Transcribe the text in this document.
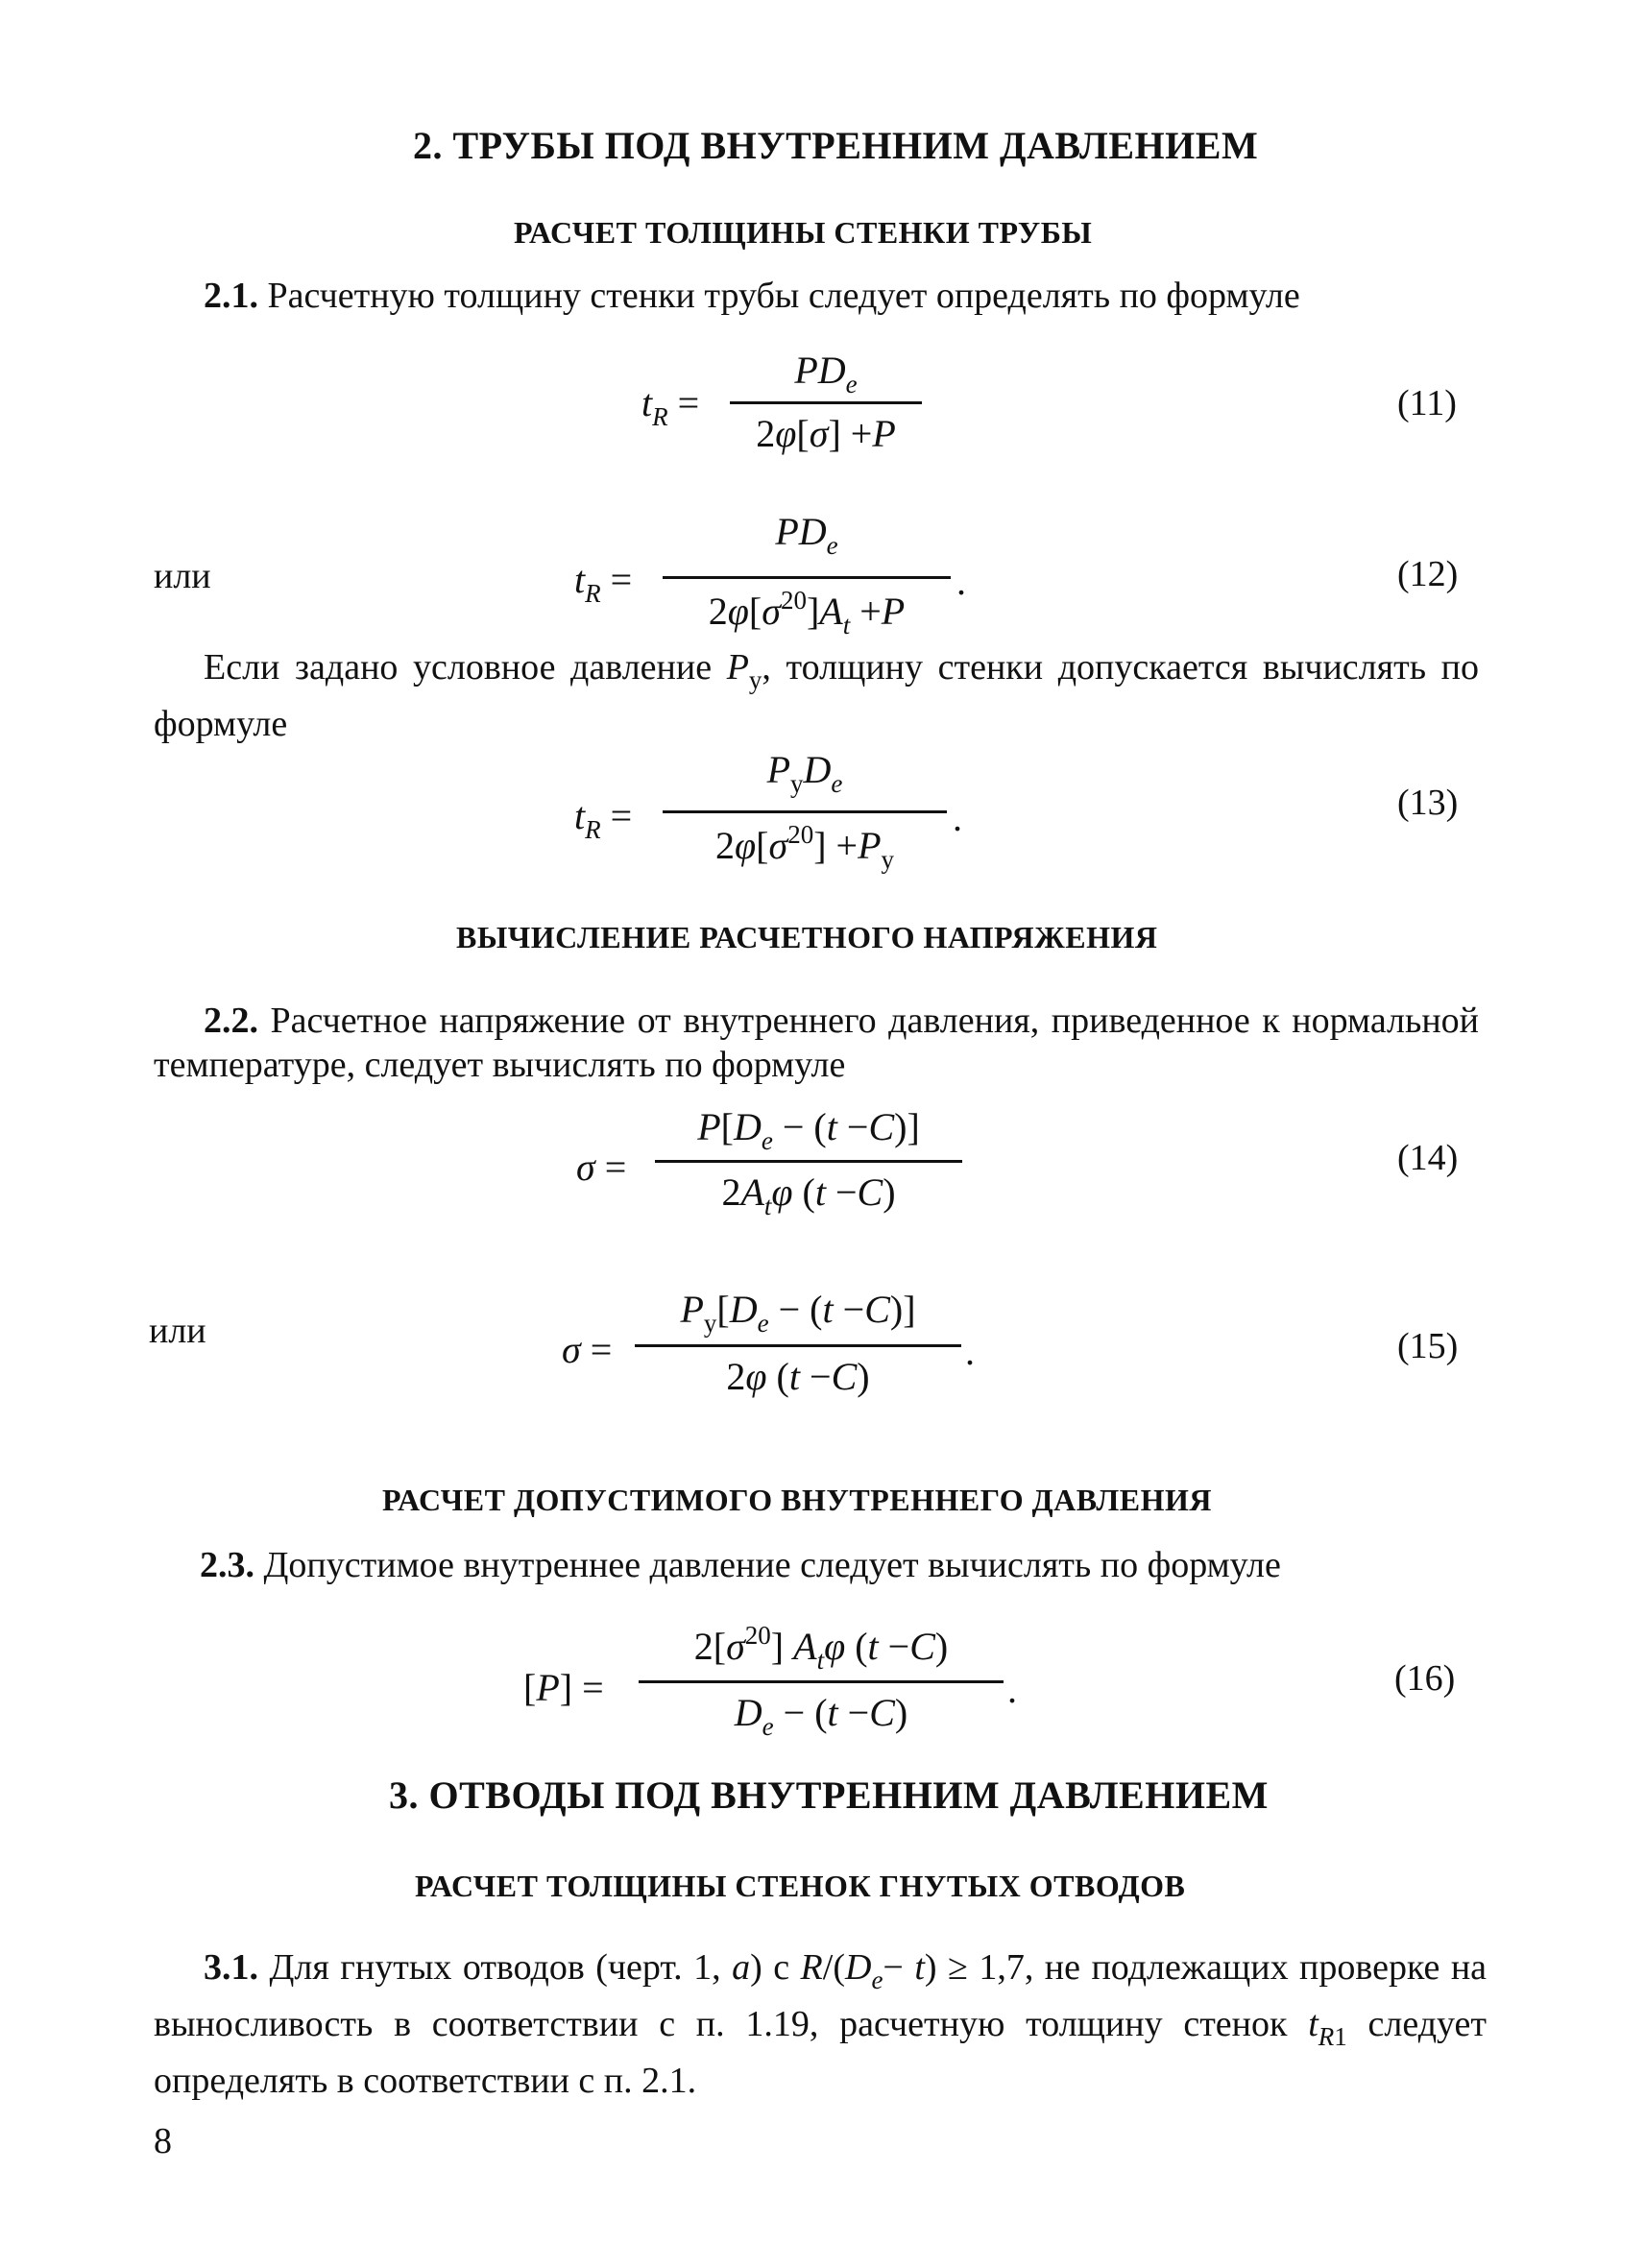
2. ТРУБЫ ПОД ВНУТРЕННИМ ДАВЛЕНИЕМ
РАСЧЕТ ТОЛЩИНЫ СТЕНКИ ТРУБЫ
2.1. Расчетную толщину стенки трубы следует определять по формуле
$t_R$ =
$PD_e$
2φ[σ] +P
(11)
или	$t_R$ =
$PD_e$
$2\varphi[\sigma^{20}]A_t +P$
.	(12)
Если задано условное давление $P_y$, толщину стенки допускается вычислять по формуле
$t_R$ =
$P_yD_e$
$2\varphi[\sigma^{20}] +P_y$
.	(13)
ВЫЧИСЛЕНИЕ РАСЧЕТНОГО НАПРЯЖЕНИЯ
2.2. Расчетное напряжение от внутреннего давления, приведенное к нормальной температуре, следует вычислять по формуле
σ =
$P[D_e - (t -C)]$
$2A_t\varphi$ (t −C)
(14)
или	σ =
$P_y[D_e - (t -C)]$
2φ (t −C)
.	(15)
РАСЧЕТ ДОПУСТИМОГО ВНУТРЕННЕГО ДАВЛЕНИЯ
2.3. Допустимое внутреннее давление следует вычислять по формуле
[P] =
$2[\sigma^{20}]$ $A_t\varphi$ (t −C)
$D_e - (t -C)$
.	(16)
3. ОТВОДЫ ПОД ВНУТРЕННИМ ДАВЛЕНИЕМ
РАСЧЕТ ТОЛЩИНЫ СТЕНОК ГНУТЫХ ОТВОДОВ
3.1. Для гнутых отводов (черт. 1, а) с $R/(D_e- t) \ge 1,7$, не подлежащих проверке на выносливость в соответствии с п. 1.19, расчетную толщину стенок $t_{R1}$ следует определять в соответствии с п. 2.1.
8
